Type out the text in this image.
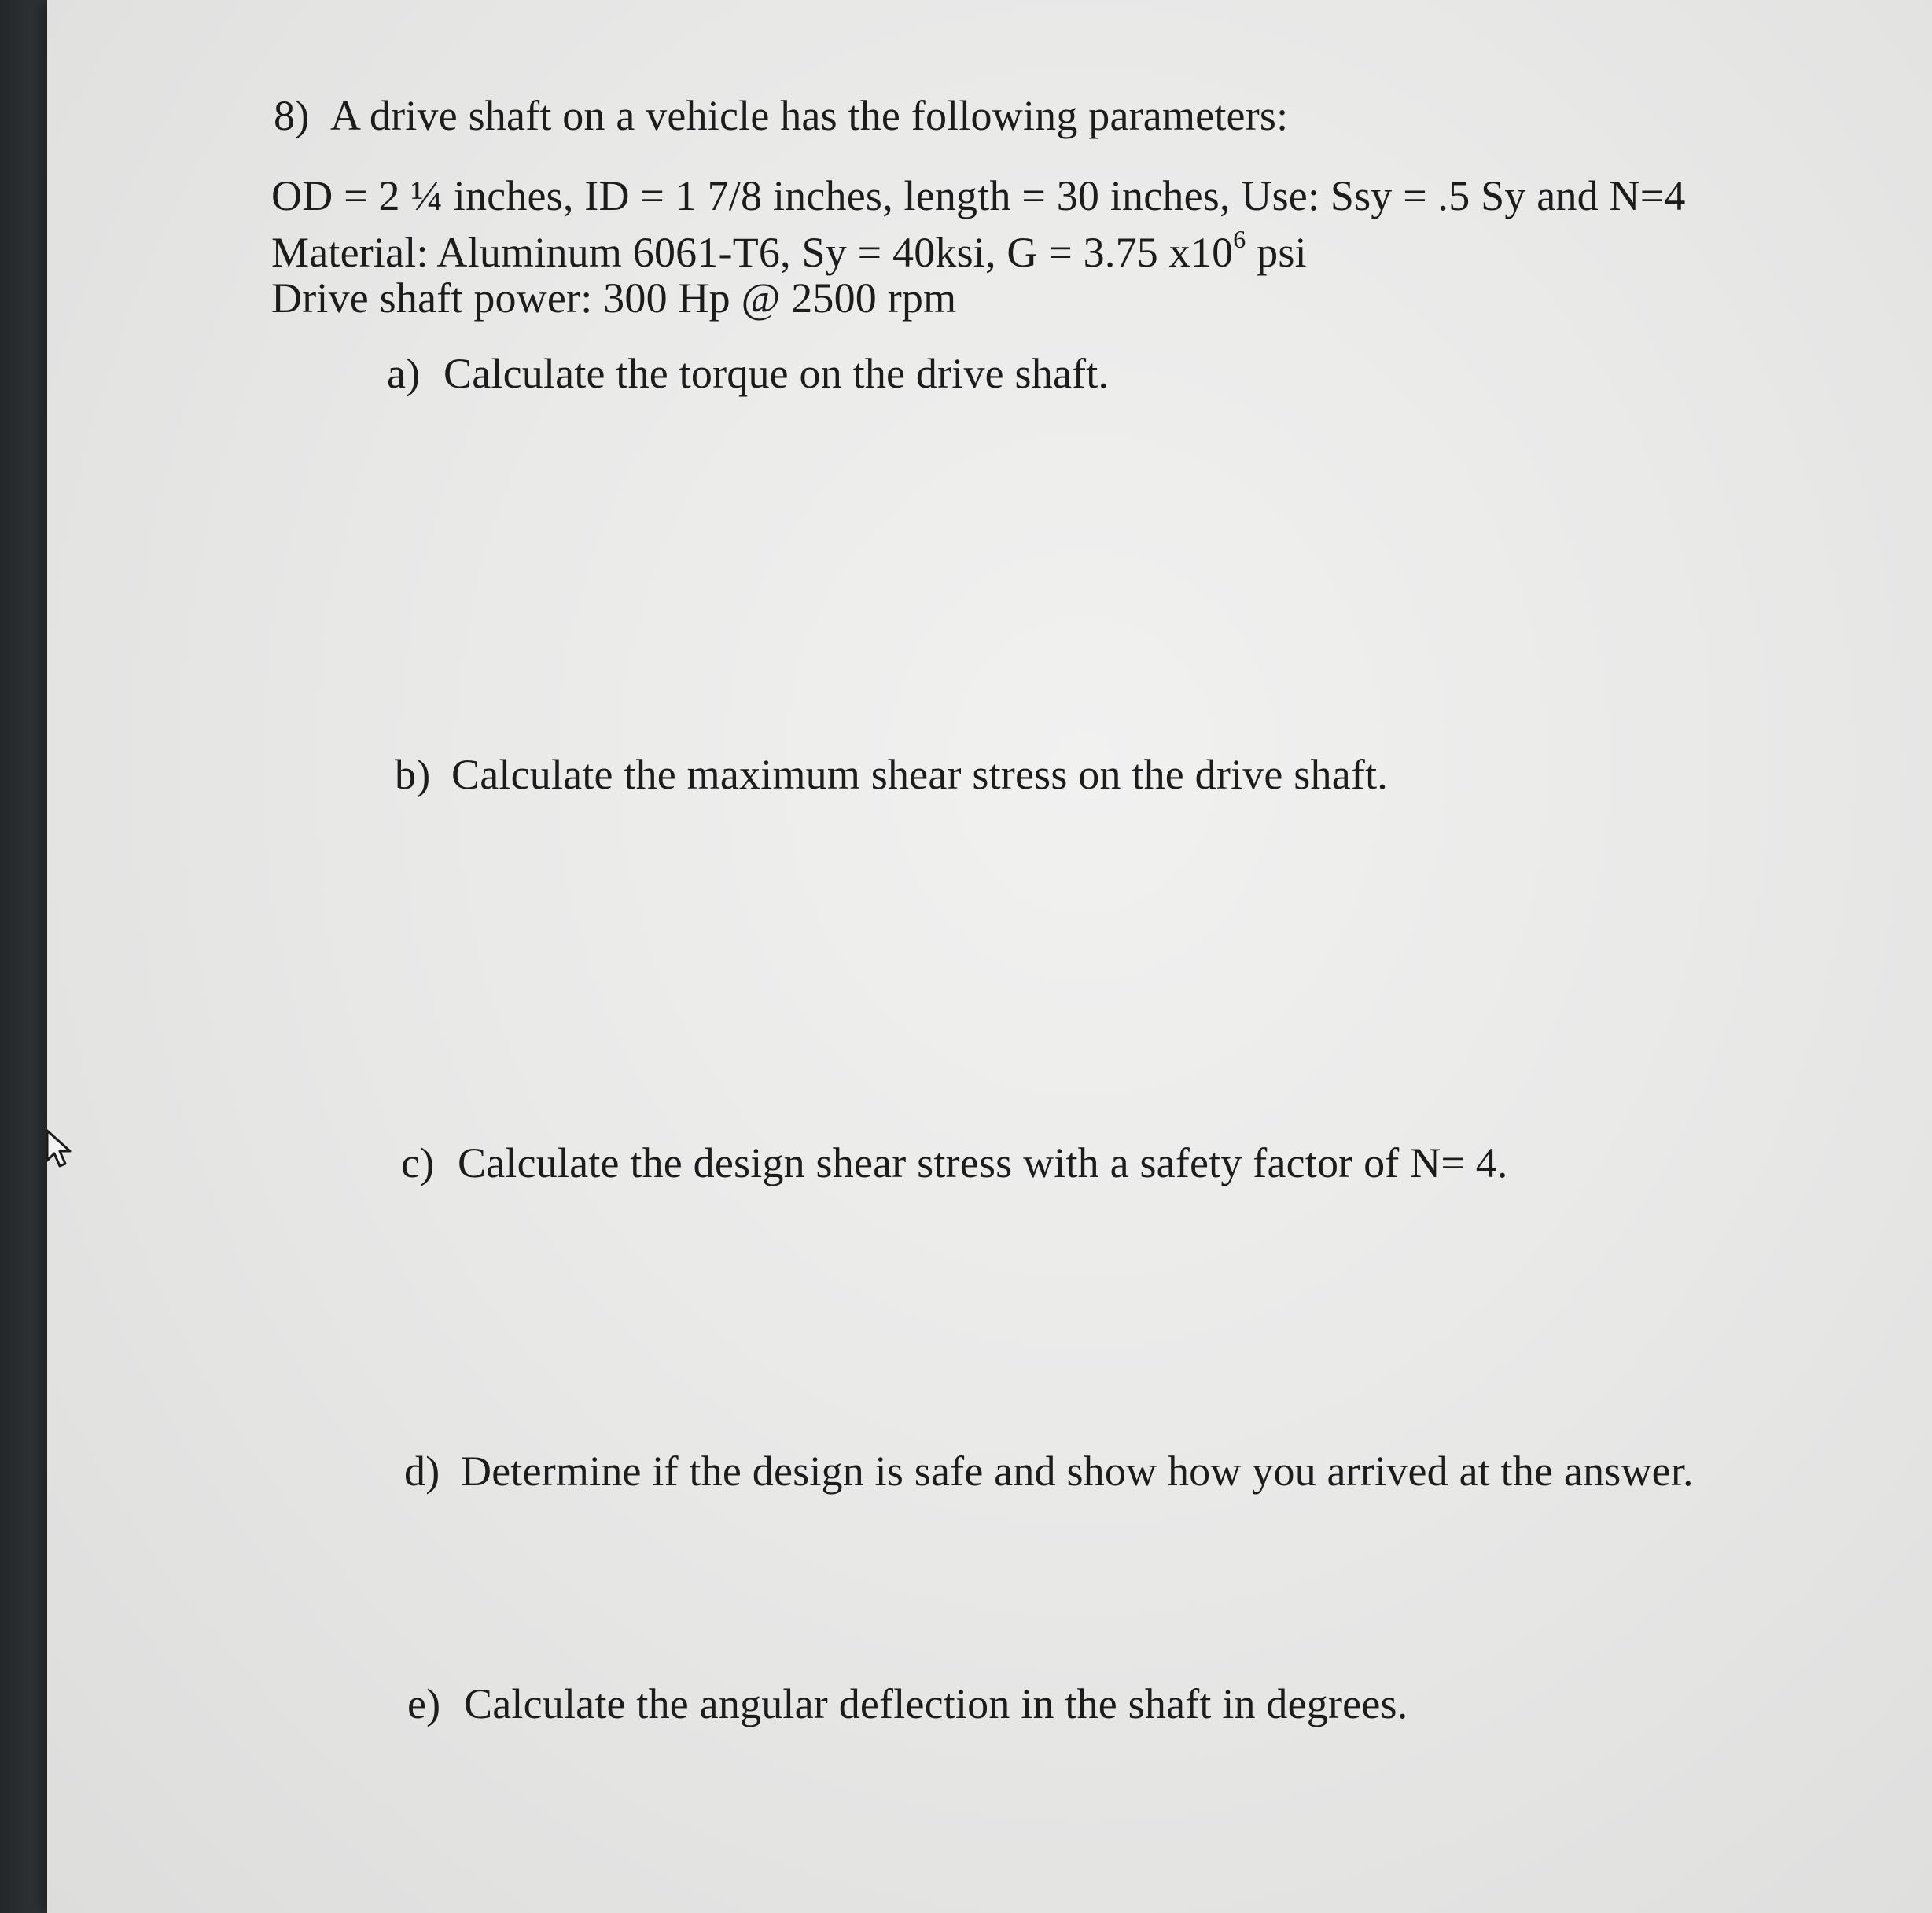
8) A drive shaft on a vehicle has the following parameters:
OD = 2 ¼ inches, ID = 1 7/8 inches, length = 30 inches, Use: Ssy = .5 Sy and N=4
Material: Aluminum 6061-T6, Sy = 40ksi, G = 3.75 $x10^6$ psi
Drive shaft power: 300 Hp @ 2500 rpm
a) Calculate the torque on the drive shaft.
b) Calculate the maximum shear stress on the drive shaft.
c) Calculate the design shear stress with a safety factor of N= 4.
d) Determine if the design is safe and show how you arrived at the answer.
e) Calculate the angular deflection in the shaft in degrees.
